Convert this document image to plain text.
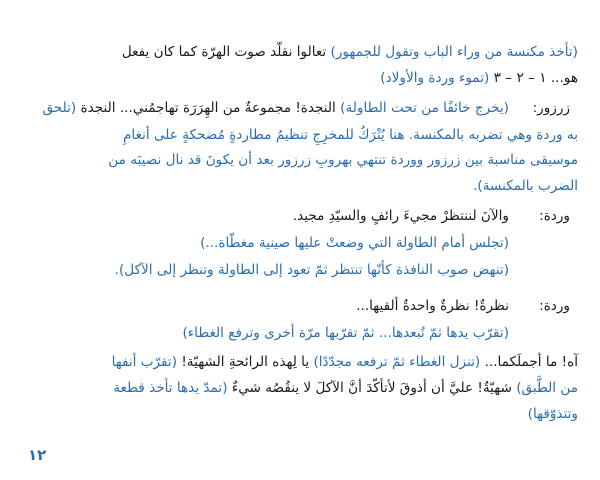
(تأخذ مكنسة من وراء الباب وتقول للجمهور) تعالوا نقلّد صوت الهرّة كما كان يفعل
هو... ١ – ٢ – ٣ (تموء وردة والأولاد)
زرزور:
(يخرج خائفًا من تحت الطاولة) النجدة! مجموعةٌ من الهِرَرَة تهاجمُني... النجدة (تلحق
به وردة وهي تضربه بالمكنسة. هنا يُتْرَكُ للمخرِجِ تنظيمُ مطاردةٍ مُضحكةٍ على أنغامِ
موسيقى مناسبة بين زرزور ووردة تنتهي بهروبِ زرزور بعد أن يكونَ قد نال نصيبَه من
الضرب بالمكنسة).
وردة:
والآنَ لننتظرْ مجيءَ رائفٍ والسيّدِ مجيد.
(تجلس أمام الطاولة التي وضعتْ عليها صينية مغطّاة...)
(تنهض صوب النافذة كأنّها تنتظر ثمّ تعود إلى الطاولة وتنظر إلى الآكل).
وردة:
نظرةٌ! نظرةٌ واحدةٌ ألقيها...
(تقرّب يدها ثمّ تُبعدها... ثمّ تقرّبها مرّة أخرى وترفع الغطاء)
آه! ما أجملَكما... (تنزل الغطاء ثمّ ترفعه مجدّدًا) يا لِهذه الرائحةِ الشهيّة! (تقرّب أنفها
من الطَّبق) شهيّةٌ! عليَّ أن أذوقَ لأتأكّدَ أنَّ الآكلَ لا ينقُصُه شيءٌ (تمدّ يدها تأخذ قطعة
وتتذوّقها)
١٢
